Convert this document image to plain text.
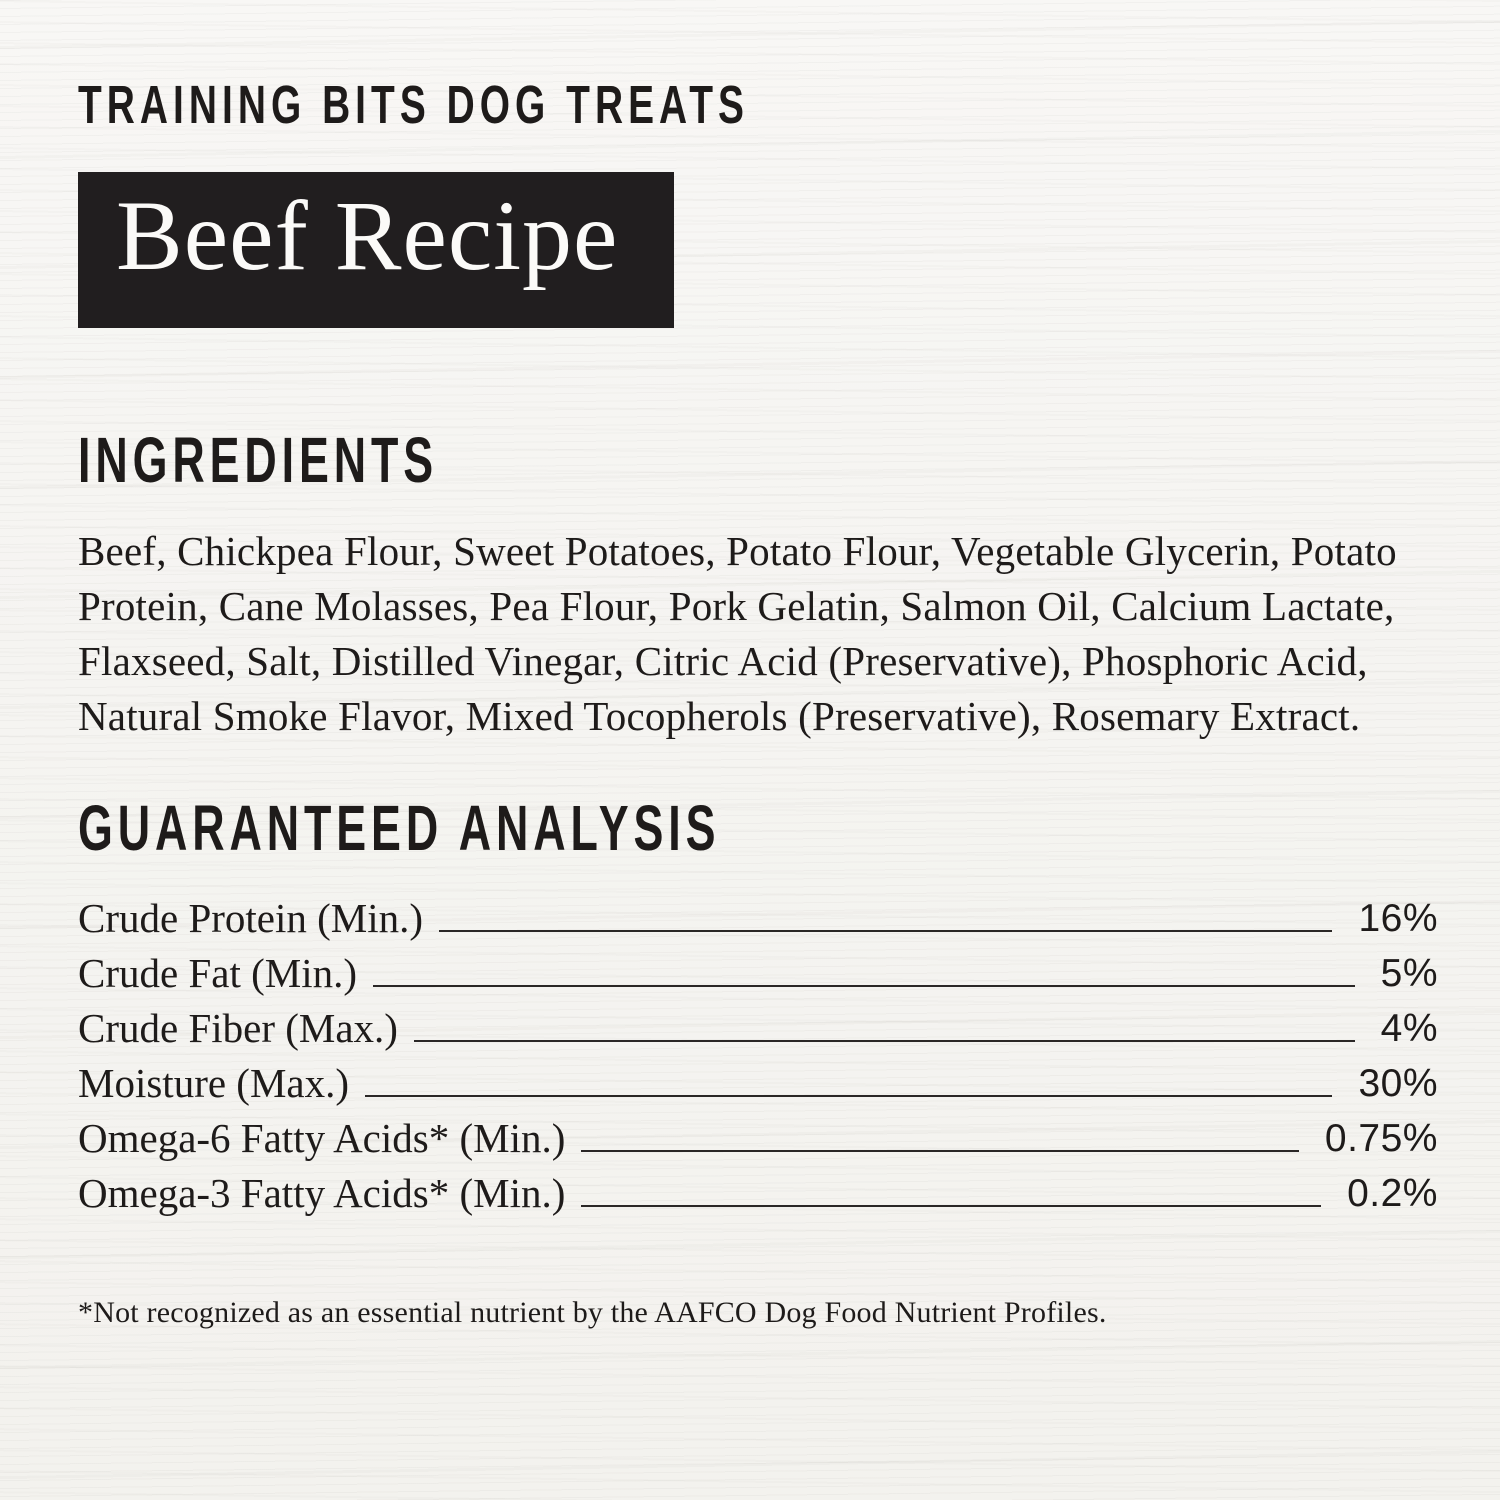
TRAINING BITS DOG TREATS
Beef Recipe
INGREDIENTS

Beef, Chickpea Flour, Sweet Potatoes, Potato Flour, Vegetable Glycerin, Potato Protein, Cane Molasses, Pea Flour, Pork Gelatin, Salmon Oil, Calcium Lactate, Flaxseed, Salt, Distilled Vinegar, Citric Acid (Preservative), Phosphoric Acid, Natural Smoke Flavor, Mixed Tocopherols (Preservative), Rosemary Extract.

GUARANTEED ANALYSIS
Crude Protein (Min.)	16%
Crude Fat (Min.)	5%
Crude Fiber (Max.)	4%
Moisture (Max.)	30%
Omega-6 Fatty Acids* (Min.)	0.75%
Omega-3 Fatty Acids* (Min.)	0.2%

*Not recognized as an essential nutrient by the AAFCO Dog Food Nutrient Profiles.
